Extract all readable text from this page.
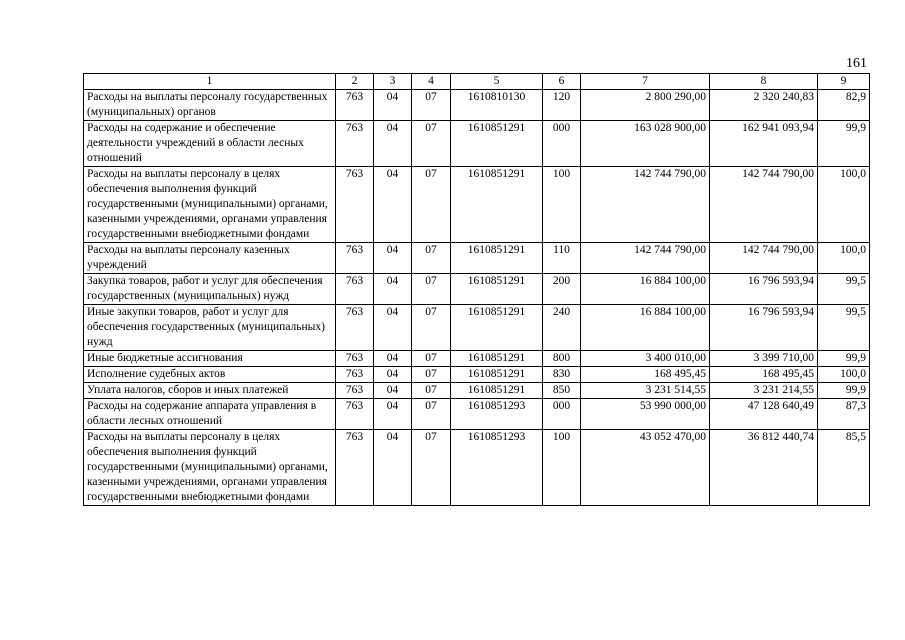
161
1	2	3	4	5	6	7	8	9
Расходы на выплаты персоналу государственных (муниципальных) органов	763	04	07	1610810130	120	2 800 290,00	2 320 240,83	82,9
Расходы на содержание и обеспечение деятельности учреждений в области лесных отношений	763	04	07	1610851291	000	163 028 900,00	162 941 093,94	99,9
Расходы на выплаты персоналу в целях обеспечения выполнения функций государственными (муниципальными) органами, казенными учреждениями, органами управления государственными внебюджетными фондами	763	04	07	1610851291	100	142 744 790,00	142 744 790,00	100,0
Расходы на выплаты персоналу казенных учреждений	763	04	07	1610851291	110	142 744 790,00	142 744 790,00	100,0
Закупка товаров, работ и услуг для обеспечения государственных (муниципальных) нужд	763	04	07	1610851291	200	16 884 100,00	16 796 593,94	99,5
Иные закупки товаров, работ и услуг для обеспечения государственных (муниципальных) нужд	763	04	07	1610851291	240	16 884 100,00	16 796 593,94	99,5
Иные бюджетные ассигнования	763	04	07	1610851291	800	3 400 010,00	3 399 710,00	99,9
Исполнение судебных актов	763	04	07	1610851291	830	168 495,45	168 495,45	100,0
Уплата налогов, сборов и иных платежей	763	04	07	1610851291	850	3 231 514,55	3 231 214,55	99,9
Расходы на содержание аппарата управления в области лесных отношений	763	04	07	1610851293	000	53 990 000,00	47 128 640,49	87,3
Расходы на выплаты персоналу в целях обеспечения выполнения функций государственными (муниципальными) органами, казенными учреждениями, органами управления государственными внебюджетными фондами	763	04	07	1610851293	100	43 052 470,00	36 812 440,74	85,5
